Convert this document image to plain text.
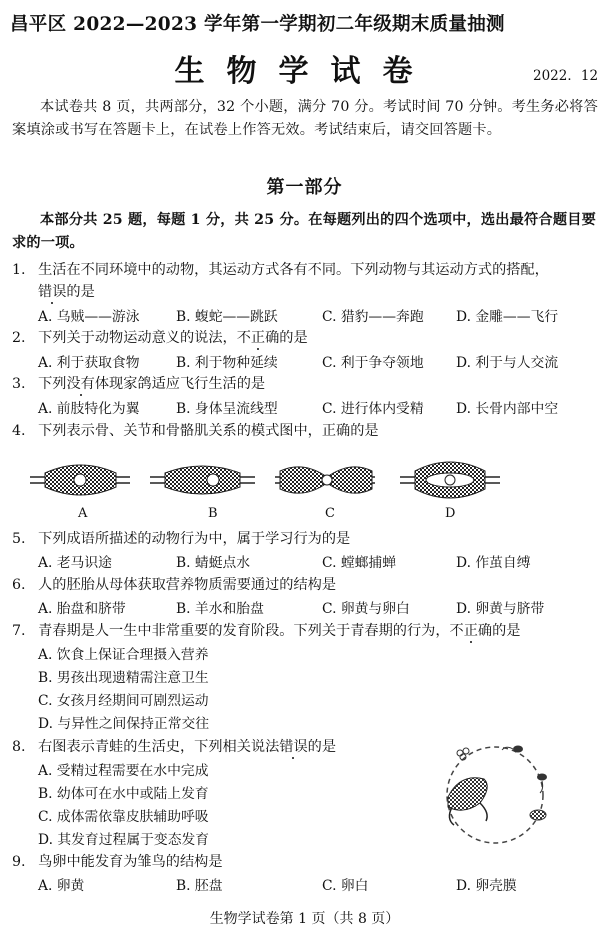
昌平区 2022—2023 学年第一学期初二年级期末质量抽测
生物学试卷	2022．12
本试卷共 8 页，共两部分，32 个小题，满分 70 分。考试时间 70 分钟。考生务必将答案填涂或书写在答题卡上，在试卷上作答无效。考试结束后，请交回答题卡。
第一部分
本部分共 25 题，每题 1 分，共 25 分。在每题列出的四个选项中，选出最符合题目要求的一项。
1. 生活在不同环境中的动物，其运动方式各有不同。下列动物与其运动方式的搭配，
错误的是
A. 乌贼——游泳	B. 蝮蛇——跳跃	C. 猎豹——奔跑 D. 金雕——飞行
2. 下列关于动物运动意义的说法，不正确的是
A. 利于获取食物	B. 利于物种延续	C. 利于争夺领地 D. 利于与人交流
3. 下列没有体现家鸽适应飞行生活的是
A. 前肢特化为翼	B. 身体呈流线型	C. 进行体内受精 D. 长骨内部中空
4. 下列表示骨、关节和骨骼肌关系的模式图中，正确的是
A	B	C	D
5. 下列成语所描述的动物行为中，属于学习行为的是
A. 老马识途	B. 蜻蜓点水	C. 螳螂捕蝉	D. 作茧自缚
6. 人的胚胎从母体获取营养物质需要通过的结构是
A. 胎盘和脐带	B. 羊水和胎盘	C. 卵黄与卵白	D. 卵黄与脐带
7. 青春期是人一生中非常重要的发育阶段。下列关于青春期的行为，不正确的是
A. 饮食上保证合理摄入营养
B. 男孩出现遗精需注意卫生
C. 女孩月经期间可剧烈运动
D. 与异性之间保持正常交往
8. 右图表示青蛙的生活史，下列相关说法错误的是
A. 受精过程需要在水中完成
B. 幼体可在水中或陆上发育
C. 成体需依靠皮肤辅助呼吸
D. 其发育过程属于变态发育
9. 鸟卵中能发育为雏鸟的结构是
A. 卵黄	B. 胚盘	C. 卵白	D. 卵壳膜
生物学试卷第 1 页（共 8 页）
